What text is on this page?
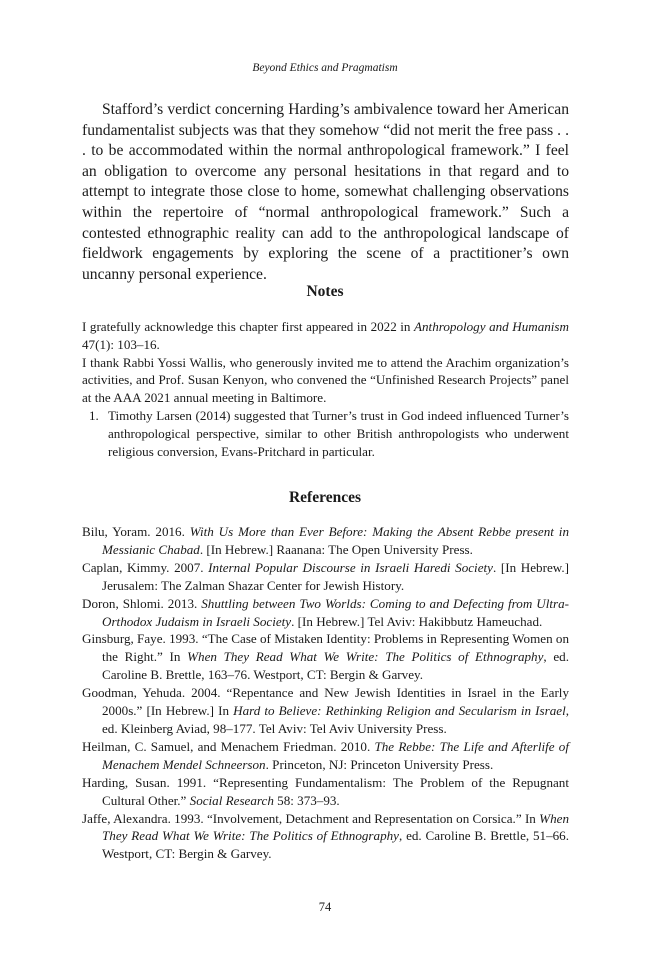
Beyond Ethics and Pragmatism

Stafford’s verdict concerning Harding’s ambivalence toward her American fundamentalist subjects was that they somehow “did not merit the free pass . . . to be accommodated within the normal anthropological framework.” I feel an obligation to overcome any personal hesitations in that regard and to attempt to integrate those close to home, somewhat challenging observations within the repertoire of “normal anthropological framework.” Such a contested ethnographic reality can add to the anthropological landscape of fieldwork engagements by exploring the scene of a practitioner’s own uncanny personal experience.

Notes

I gratefully acknowledge this chapter first appeared in 2022 in Anthropology and Humanism 47(1): 103–16.

I thank Rabbi Yossi Wallis, who generously invited me to attend the Arachim organization’s activities, and Prof. Susan Kenyon, who convened the “Unfinished Research Projects” panel at the AAA 2021 annual meeting in Baltimore.

1. Timothy Larsen (2014) suggested that Turner’s trust in God indeed influenced Turner’s anthropological perspective, similar to other British anthropologists who underwent religious conversion, Evans-Pritchard in particular.
References

Bilu, Yoram. 2016. With Us More than Ever Before: Making the Absent Rebbe present in Messianic Chabad. [In Hebrew.] Raanana: The Open University Press.

Caplan, Kimmy. 2007. Internal Popular Discourse in Israeli Haredi Society. [In Hebrew.] Jerusalem: The Zalman Shazar Center for Jewish History.

Doron, Shlomi. 2013. Shuttling between Two Worlds: Coming to and Defecting from Ultra-Orthodox Judaism in Israeli Society. [In Hebrew.] Tel Aviv: Hakibbutz Hameuchad.

Ginsburg, Faye. 1993. “The Case of Mistaken Identity: Problems in Representing Women on the Right.” In When They Read What We Write: The Politics of Ethnography, ed. Caroline B. Brettle, 163–76. Westport, CT: Bergin & Garvey.

Goodman, Yehuda. 2004. “Repentance and New Jewish Identities in Israel in the Early 2000s.” [In Hebrew.] In Hard to Believe: Rethinking Religion and Secularism in Israel, ed. Kleinberg Aviad, 98–177. Tel Aviv: Tel Aviv University Press.

Heilman, C. Samuel, and Menachem Friedman. 2010. The Rebbe: The Life and Afterlife of Menachem Mendel Schneerson. Princeton, NJ: Princeton University Press.

Harding, Susan. 1991. “Representing Fundamentalism: The Problem of the Repugnant Cultural Other.” Social Research 58: 373–93.

Jaffe, Alexandra. 1993. “Involvement, Detachment and Representation on Corsica.” In When They Read What We Write: The Politics of Ethnography, ed. Caroline B. Brettle, 51–66. Westport, CT: Bergin & Garvey.

74
